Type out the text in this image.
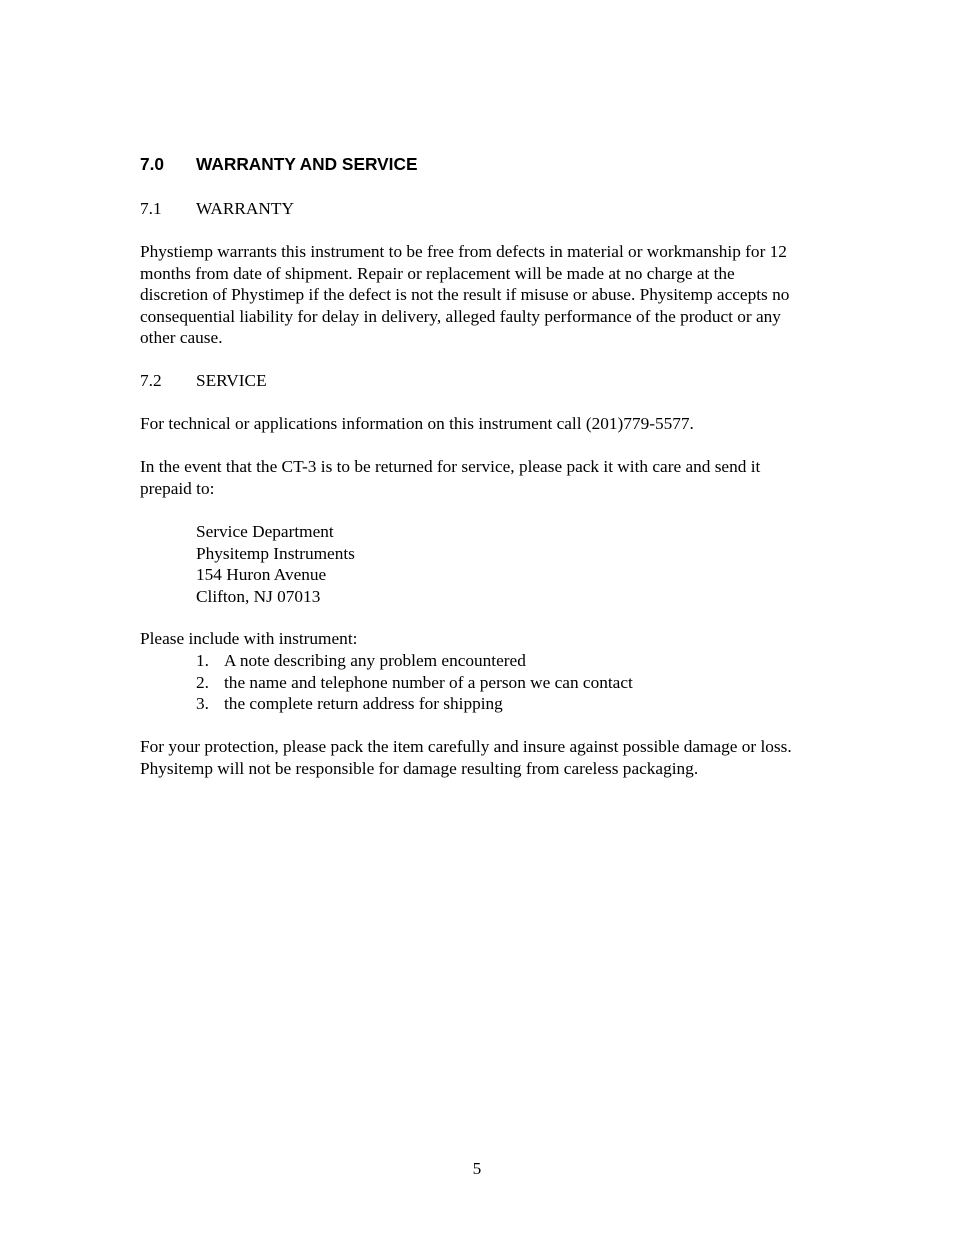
7.0 WARRANTY AND SERVICE
7.1 WARRANTY
Phystiemp warrants this instrument to be free from defects in material or workmanship for 12
months from date of shipment. Repair or replacement will be made at no charge at the
discretion of Phystimep if the defect is not the result if misuse or abuse. Physitemp accepts no
consequential liability for delay in delivery, alleged faulty performance of the product or any
other cause.
7.2 SERVICE
For technical or applications information on this instrument call (201)779-5577.
In the event that the CT-3 is to be returned for service, please pack it with care and send it
prepaid to:
Service Department
Physitemp Instruments
154 Huron Avenue
Clifton, NJ 07013
Please include with instrument:
1. A note describing any problem encountered
2. the name and telephone number of a person we can contact
3. the complete return address for shipping
For your protection, please pack the item carefully and insure against possible damage or loss.
Physitemp will not be responsible for damage resulting from careless packaging.
5
